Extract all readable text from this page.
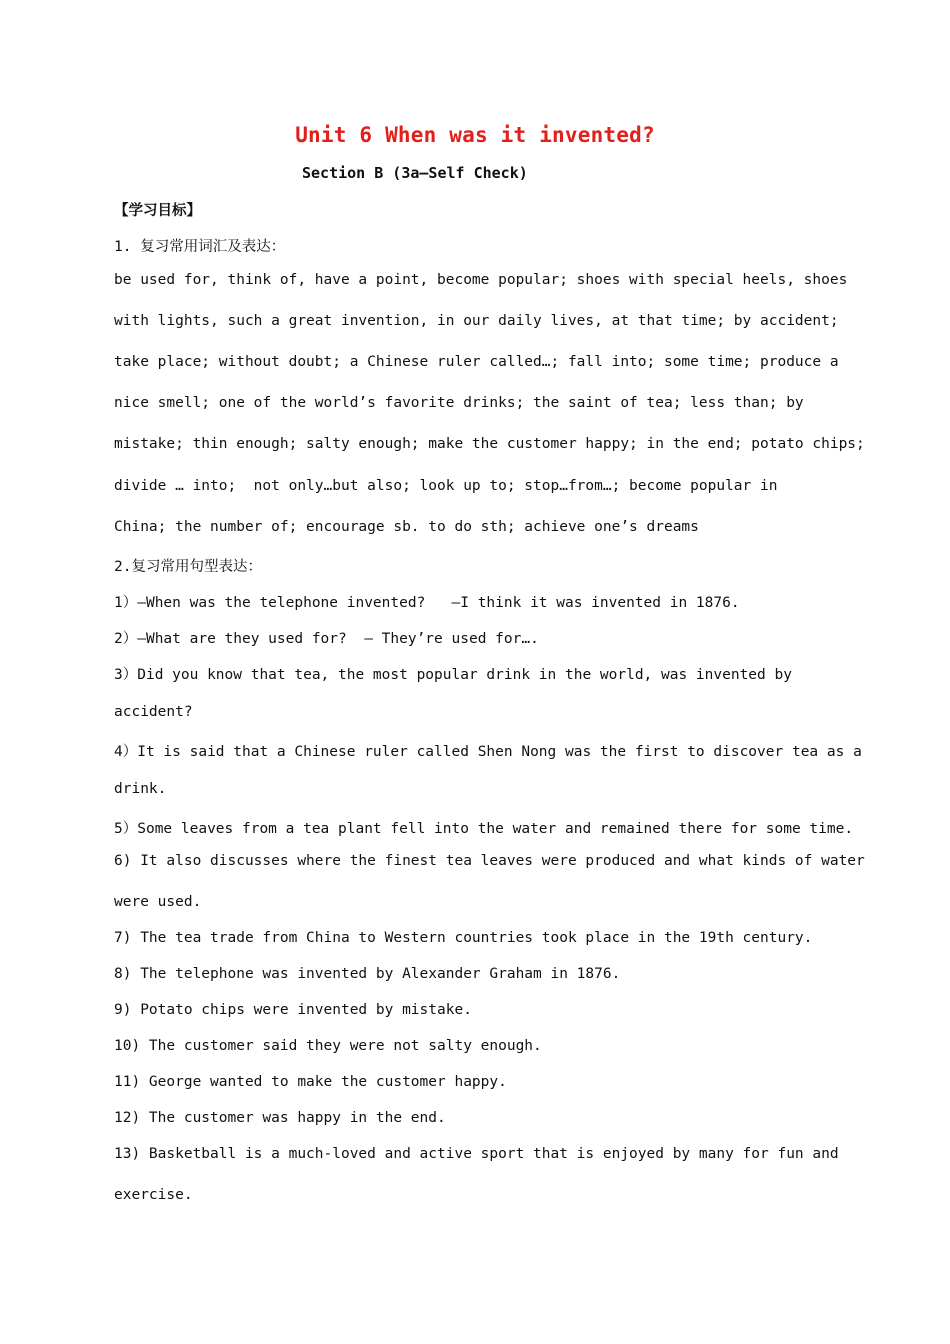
Unit 6 When was it invented?
Section B (3a—Self Check)
【学习目标】
1. 复习常用词汇及表达：
be used for, think of, have a point, become popular; shoes with special heels, shoes
with lights, such a great invention, in our daily lives, at that time; by accident;
take place; without doubt; a Chinese ruler called…; fall into; some time; produce a
nice smell; one of the world’s favorite drinks; the saint of tea; less than; by
mistake; thin enough; salty enough; make the customer happy; in the end; potato chips;
divide … into;  not only…but also; look up to; stop…from…; become popular in
China; the number of; encourage sb. to do sth; achieve one’s dreams
2.复习常用句型表达：
1）—When was the telephone invented?   —I think it was invented in 1876.
2）—What are they used for?  — They’re used for….
3）Did you know that tea, the most popular drink in the world, was invented by
accident?
4）It is said that a Chinese ruler called Shen Nong was the first to discover tea as a
drink.
5）Some leaves from a tea plant fell into the water and remained there for some time.
6) It also discusses where the finest tea leaves were produced and what kinds of water
were used.
7) The tea trade from China to Western countries took place in the 19th century.
8) The telephone was invented by Alexander Graham in 1876.
9) Potato chips were invented by mistake.
10) The customer said they were not salty enough.
11) George wanted to make the customer happy.
12) The customer was happy in the end.
13) Basketball is a much-loved and active sport that is enjoyed by many for fun and
exercise.
